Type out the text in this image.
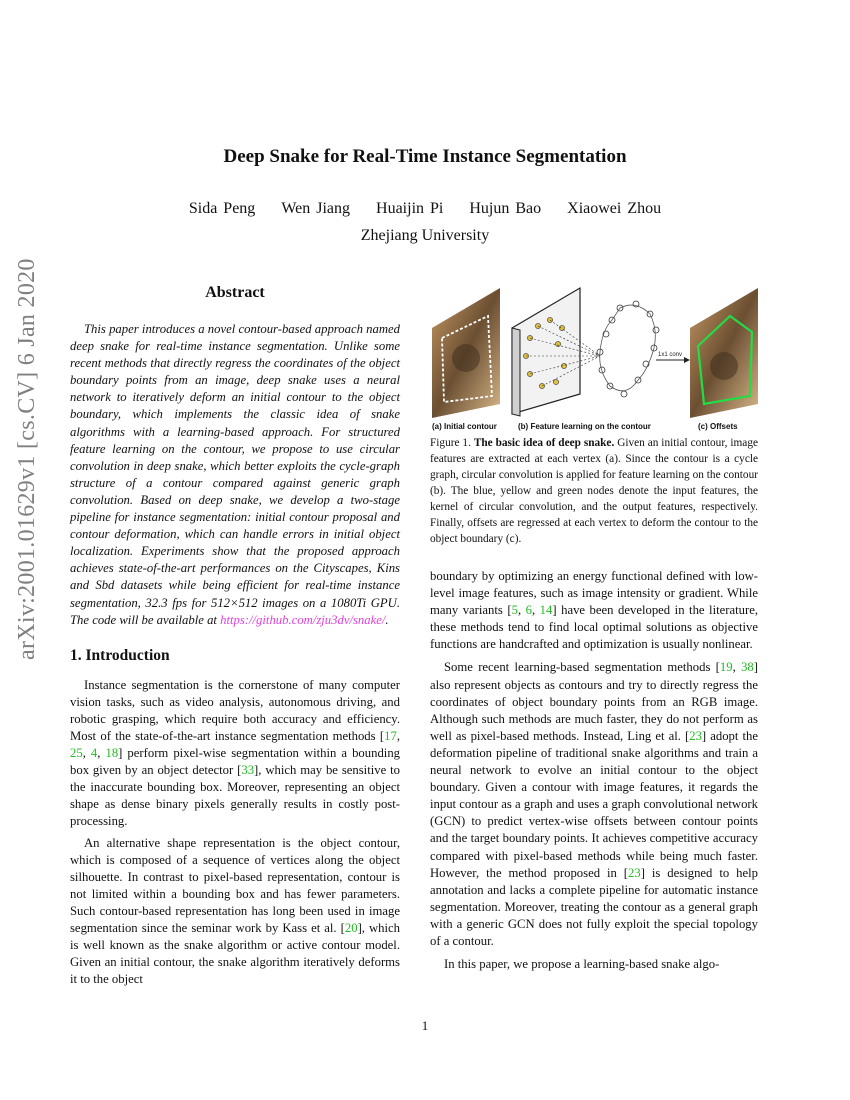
arXiv:2001.01629v1 [cs.CV] 6 Jan 2020
Deep Snake for Real-Time Instance Segmentation
Sida Peng Wen Jiang Huaijin Pi Hujun Bao Xiaowei Zhou
Zhejiang University
Abstract

This paper introduces a novel contour-based approach named deep snake for real-time instance segmentation. Unlike some recent methods that directly regress the coordinates of the object boundary points from an image, deep snake uses a neural network to iteratively deform an initial contour to the object boundary, which implements the classic idea of snake algorithms with a learning-based approach. For structured feature learning on the contour, we propose to use circular convolution in deep snake, which better exploits the cycle-graph structure of a contour compared against generic graph convolution. Based on deep snake, we develop a two-stage pipeline for instance segmentation: initial contour proposal and contour deformation, which can handle errors in initial object localization. Experiments show that the proposed approach achieves state-of-the-art performances on the Cityscapes, Kins and Sbd datasets while being efficient for real-time instance segmentation, 32.3 fps for 512×512 images on a 1080Ti GPU. The code will be available at https://github.com/zju3dv/snake/.

1. Introduction

Instance segmentation is the cornerstone of many computer vision tasks, such as video analysis, autonomous driving, and robotic grasping, which require both accuracy and efficiency. Most of the state-of-the-art instance segmentation methods [17, 25, 4, 18] perform pixel-wise segmentation within a bounding box given by an object detector [33], which may be sensitive to the inaccurate bounding box. Moreover, representing an object shape as dense binary pixels generally results in costly post-processing.

An alternative shape representation is the object contour, which is composed of a sequence of vertices along the object silhouette. In contrast to pixel-based representation, contour is not limited within a bounding box and has fewer parameters. Such contour-based representation has long been used in image segmentation since the seminar work by Kass et al. [20], which is well known as the snake algorithm or active contour model. Given an initial contour, the snake algorithm iteratively deforms it to the object

1x1 conv
(a) Initial contour	(b) Feature learning on the contour	(c) Offsets
Figure 1. The basic idea of deep snake. Given an initial contour, image features are extracted at each vertex (a). Since the contour is a cycle graph, circular convolution is applied for feature learning on the contour (b). The blue, yellow and green nodes denote the input features, the kernel of circular convolution, and the output features, respectively. Finally, offsets are regressed at each vertex to deform the contour to the object boundary (c).

boundary by optimizing an energy functional defined with low-level image features, such as image intensity or gradient. While many variants [5, 6, 14] have been developed in the literature, these methods tend to find local optimal solutions as objective functions are handcrafted and optimization is usually nonlinear.

Some recent learning-based segmentation methods [19, 38] also represent objects as contours and try to directly regress the coordinates of object boundary points from an RGB image. Although such methods are much faster, they do not perform as well as pixel-based methods. Instead, Ling et al. [23] adopt the deformation pipeline of traditional snake algorithms and train a neural network to evolve an initial contour to the object boundary. Given a contour with image features, it regards the input contour as a graph and uses a graph convolutional network (GCN) to predict vertex-wise offsets between contour points and the target boundary points. It achieves competitive accuracy compared with pixel-based methods while being much faster. However, the method proposed in [23] is designed to help annotation and lacks a complete pipeline for automatic instance segmentation. Moreover, treating the contour as a general graph with a generic GCN does not fully exploit the special topology of a contour.

In this paper, we propose a learning-based snake algo-

1
